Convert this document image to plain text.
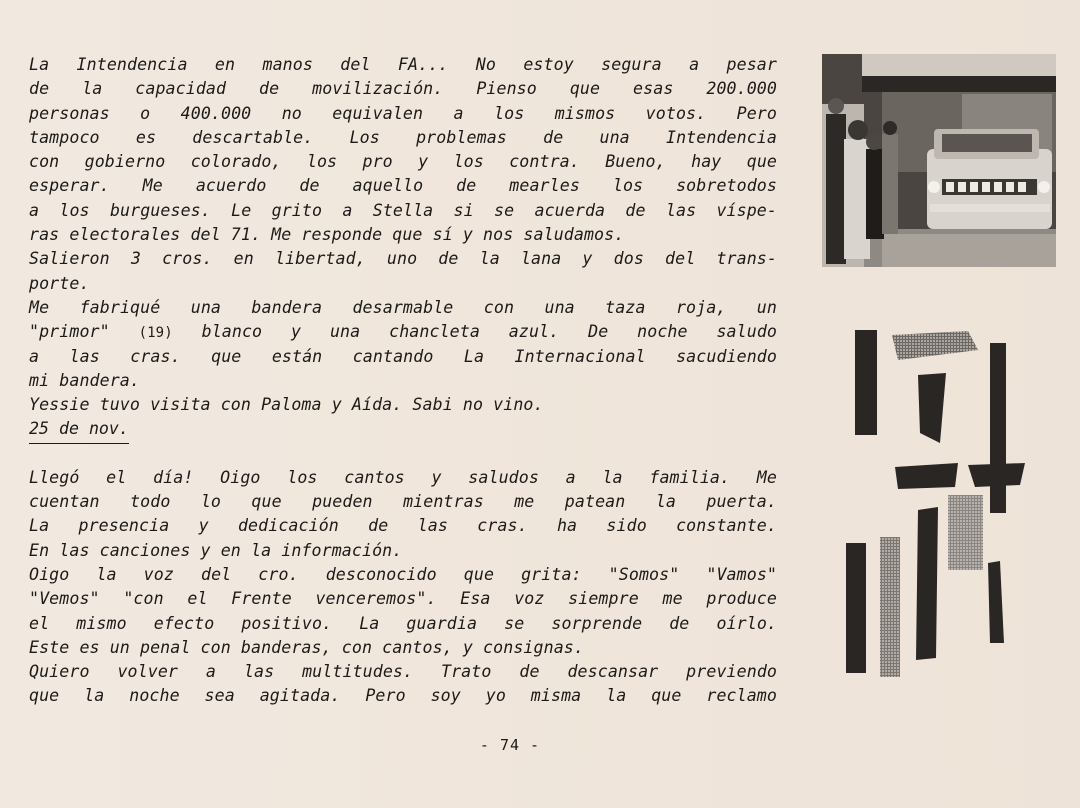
La Intendencia en manos del FA... No estoy segura a pesar
de la capacidad de movilización. Pienso que esas 200.000
personas o 400.000 no equivalen a los mismos votos. Pero
tampoco es descartable. Los problemas de una Intendencia
con gobierno colorado, los pro y los contra. Bueno, hay que
esperar. Me acuerdo de aquello de mearles los sobretodos
a los burgueses. Le grito a Stella si se acuerda de las víspe-
ras electorales del 71. Me responde que sí y nos saludamos.
Salieron 3 cros. en libertad, uno de la lana y dos del trans-
porte.
Me fabriqué una bandera desarmable con una taza roja, un
"primor" (19) blanco y una chancleta azul. De noche saludo
a las cras. que están cantando La Internacional sacudiendo
mi bandera.
Yessie tuvo visita con Paloma y Aída. Sabi no vino.
25 de nov.
Llegó el día! Oigo los cantos y saludos a la familia. Me
cuentan todo lo que pueden mientras me patean la puerta.
La presencia y dedicación de las cras. ha sido constante.
En las canciones y en la información.
Oigo la voz del cro. desconocido que grita: "Somos" "Vamos"
"Vemos" "con el Frente venceremos". Esa voz siempre me produce
el mismo efecto positivo. La guardia se sorprende de oírlo.
Este es un penal con banderas, con cantos, y consignas.
Quiero volver a las multitudes. Trato de descansar previendo
que la noche sea agitada. Pero soy yo misma la que reclamo
- 74 -
